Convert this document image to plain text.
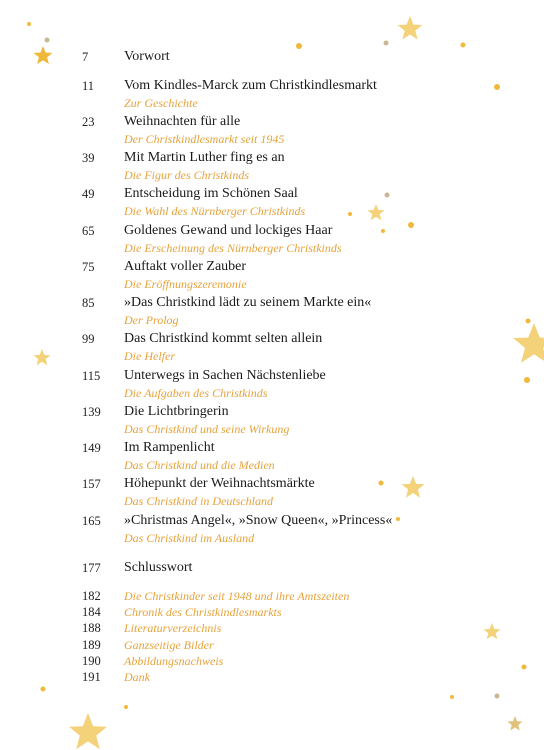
7	Vorwort
11 Vom Kindles-Marck zum Christkindlesmarkt
Zur Geschichte
23 Weihnachten für alle
Der Christkindlesmarkt seit 1945
39 Mit Martin Luther fing es an
Die Figur des Christkinds
49 Entscheidung im Schönen Saal
Die Wahl des Nürnberger Christkinds
65 Goldenes Gewand und lockiges Haar
Die Erscheinung des Nürnberger Christkinds
75 Auftakt voller Zauber
Die Eröffnungszeremonie
85 »Das Christkind lädt zu seinem Markte ein«
Der Prolog
99 Das Christkind kommt selten allein
Die Helfer
115 Unterwegs in Sachen Nächstenliebe
Die Aufgaben des Christkinds
139 Die Lichtbringerin
Das Christkind und seine Wirkung
149 Im Rampenlicht
Das Christkind und die Medien
157 Höhepunkt der Weihnachtsmärkte
Das Christkind in Deutschland
165 »Christmas Angel«, »Snow Queen«, »Princess«
Das Christkind im Ausland
177 Schlusswort
182 Die Christkinder seit 1948 und ihre Amtszeiten
184 Chronik des Christkindlesmarkts
188 Literaturverzeichnis
189 Ganzseitige Bilder
190 Abbildungsnachweis
191 Dank
